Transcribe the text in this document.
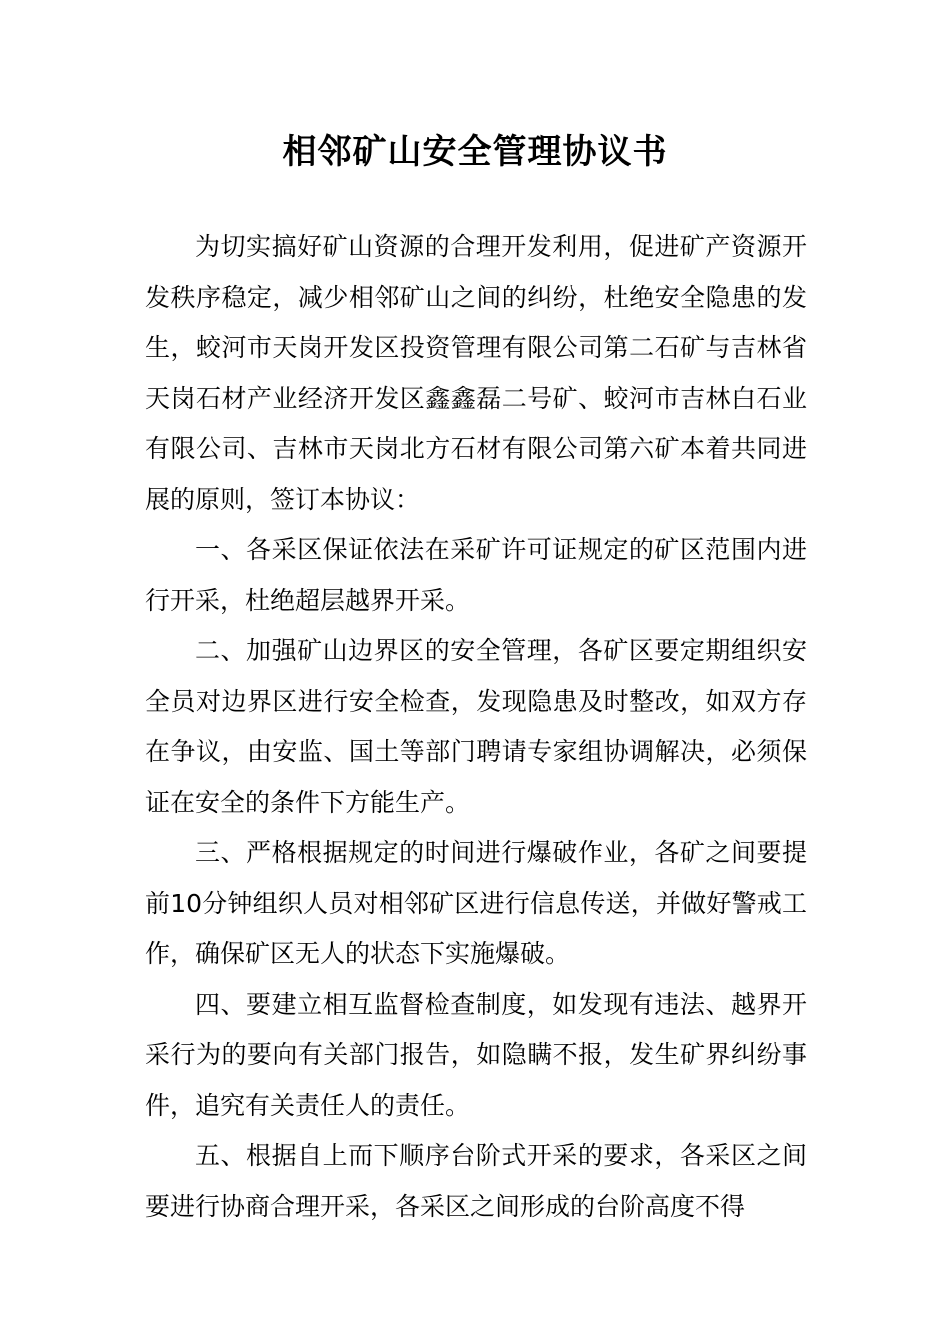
相邻矿山安全管理协议书

为切实搞好矿山资源的合理开发利用，促进矿产资源开发秩序稳定，减少相邻矿山之间的纠纷，杜绝安全隐患的发生，蛟河市天岗开发区投资管理有限公司第二石矿与吉林省天岗石材产业经济开发区鑫鑫磊二号矿、蛟河市吉林白石业有限公司、吉林市天岗北方石材有限公司第六矿本着共同进展的原则，签订本协议：

一、各采区保证依法在采矿许可证规定的矿区范围内进行开采，杜绝超层越界开采。

二、加强矿山边界区的安全管理，各矿区要定期组织安全员对边界区进行安全检查，发现隐患及时整改，如双方存在争议，由安监、国土等部门聘请专家组协调解决，必须保证在安全的条件下方能生产。

三、严格根据规定的时间进行爆破作业，各矿之间要提前10分钟组织人员对相邻矿区进行信息传送，并做好警戒工作，确保矿区无人的状态下实施爆破。

四、要建立相互监督检查制度，如发现有违法、越界开采行为的要向有关部门报告，如隐瞒不报，发生矿界纠纷事件，追究有关责任人的责任。

五、根据自上而下顺序台阶式开采的要求，各采区之间要进行协商合理开采，各采区之间形成的台阶高度不得
